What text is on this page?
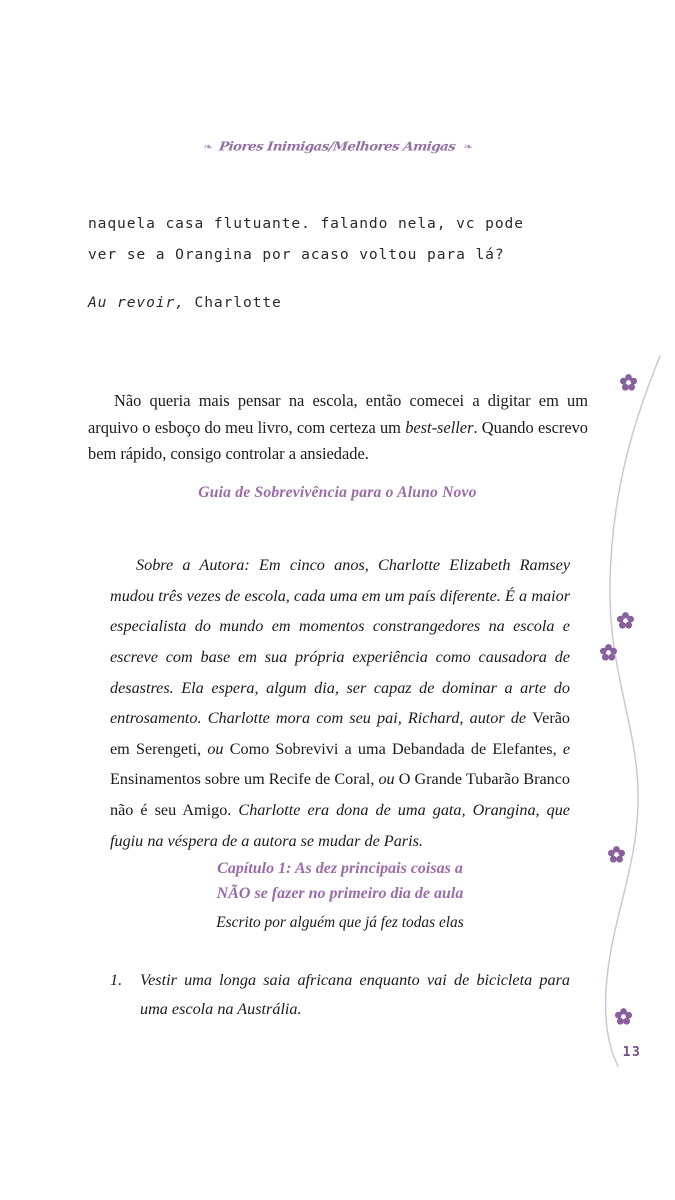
❧ Piores Inimigas/Melhores Amigas ❧
naquela casa flutuante. falando nela, vc pode
ver se a Orangina por acaso voltou para lá?
Au revoir, Charlotte

Não queria mais pensar na escola, então comecei a digitar em um arquivo o esboço do meu livro, com certeza um best-seller. Quando escrevo bem rápido, consigo controlar a ansiedade.

Guia de Sobrevivência para o Aluno Novo

Sobre a Autora: Em cinco anos, Charlotte Elizabeth Ramsey mudou três vezes de escola, cada uma em um país diferente. É a maior especialista do mundo em momentos constrangedores na escola e escreve com base em sua própria experiência como causadora de desastres. Ela espera, algum dia, ser capaz de dominar a arte do entrosamento. Charlotte mora com seu pai, Richard, autor de Verão em Serengeti, ou Como Sobrevivi a uma Debandada de Elefantes, e Ensinamentos sobre um Recife de Coral, ou O Grande Tubarão Branco não é seu Amigo. Charlotte era dona de uma gata, Orangina, que fugiu na véspera de a autora se mudar de Paris.

Capítulo 1: As dez principais coisas a
NÃO se fazer no primeiro dia de aula
Escrito por alguém que já fez todas elas
1.	Vestir uma longa saia africana enquanto vai de bicicleta para uma escola na Austrália.
13
